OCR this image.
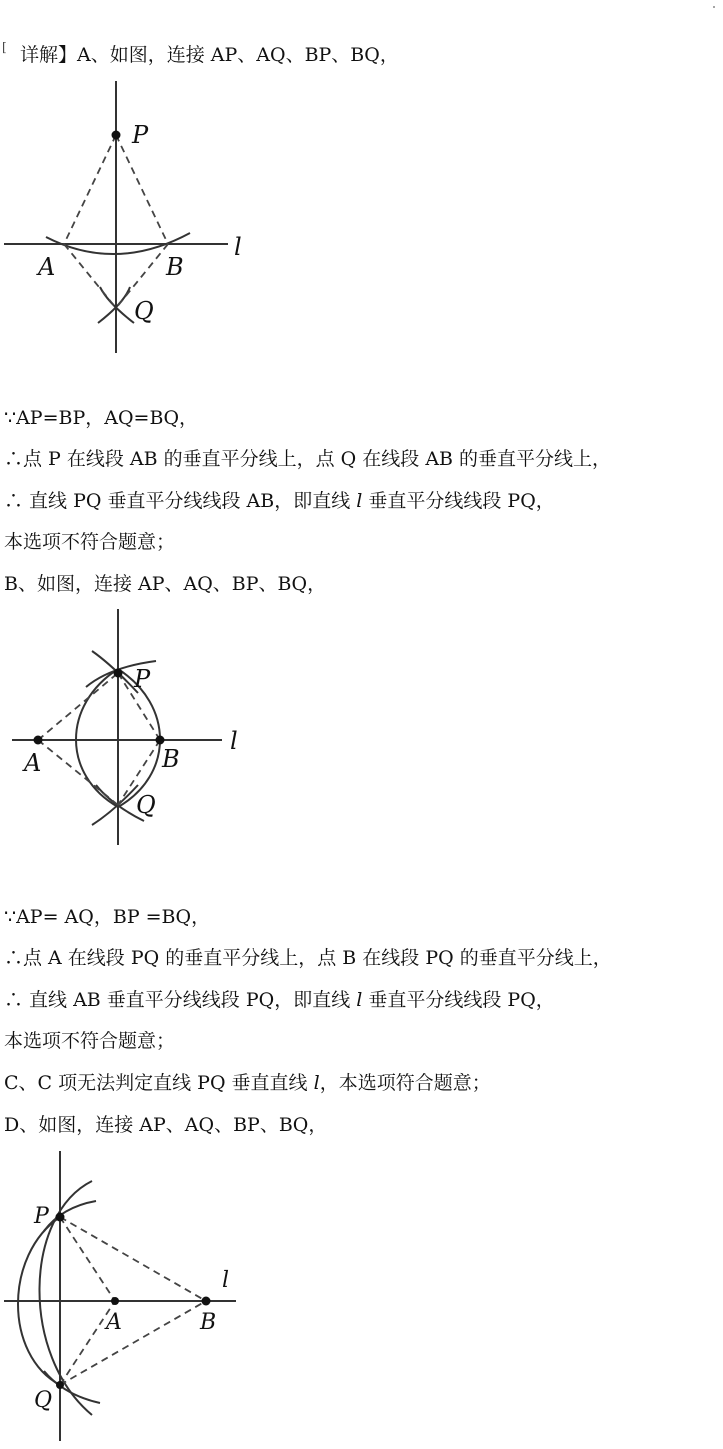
[ 详解】A、如图，连接 AP、AQ、BP、BQ，
P
A	B
Q
l
∵AP=BP，AQ=BQ，
∴点 P 在线段 AB 的垂直平分线上，点 Q 在线段 AB 的垂直平分线上，
∴ 直线 PQ 垂直平分线线段 AB，即直线 l 垂直平分线线段 PQ，
本选项不符合题意；
B、如图，连接 AP、AQ、BP、BQ，
P
A	B
Q
l
∵AP= AQ，BP =BQ，
∴点 A 在线段 PQ 的垂直平分线上，点 B 在线段 PQ 的垂直平分线上，
∴ 直线 AB 垂直平分线线段 PQ，即直线 l 垂直平分线线段 PQ，
本选项不符合题意；
C、C 项无法判定直线 PQ 垂直直线 l，本选项符合题意；
D、如图，连接 AP、AQ、BP、BQ，
P
A	B
Q
l
